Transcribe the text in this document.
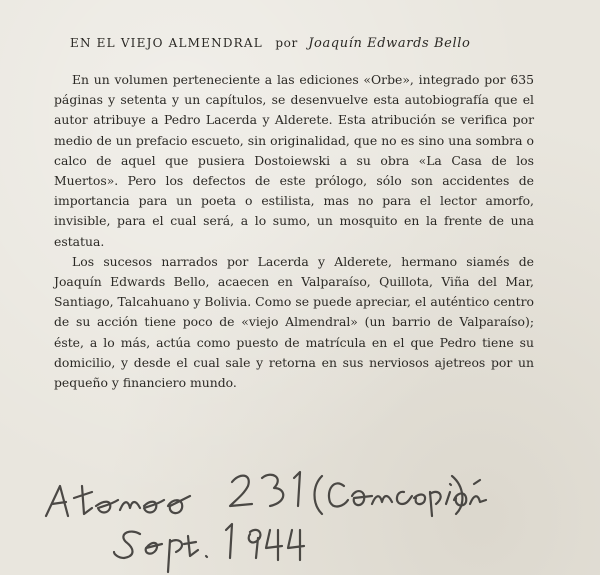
EN EL VIEJO ALMENDRAL por Joaquín Edwards Bello

En un volumen perteneciente a las ediciones «Orbe», integrado por 635 páginas y setenta y un capítulos, se desenvuelve esta autobiografía que el autor atribuye a Pedro Lacerda y Alderete. Esta atribución se verifica por medio de un prefacio escueto, sin originalidad, que no es sino una sombra o calco de aquel que pusiera Dostoiewski a su obra «La Casa de los Muertos». Pero los defectos de este prólogo, sólo son accidentes de importancia para un poeta o estilista, mas no para el lector amorfo, invisible, para el cual será, a lo sumo, un mosquito en la frente de una estatua.

Los sucesos narrados por Lacerda y Alderete, hermano siamés de Joaquín Edwards Bello, acaecen en Valparaíso, Quillota, Viña del Mar, Santiago, Talcahuano y Bolivia. Como se puede apreciar, el auténtico centro de su acción tiene poco de «viejo Almendral» (un barrio de Valparaíso); éste, a lo más, actúa como puesto de matrícula en el que Pedro tiene su domicilio, y desde el cual sale y retorna en sus nerviosos ajetreos por un pequeño y financiero mundo.
